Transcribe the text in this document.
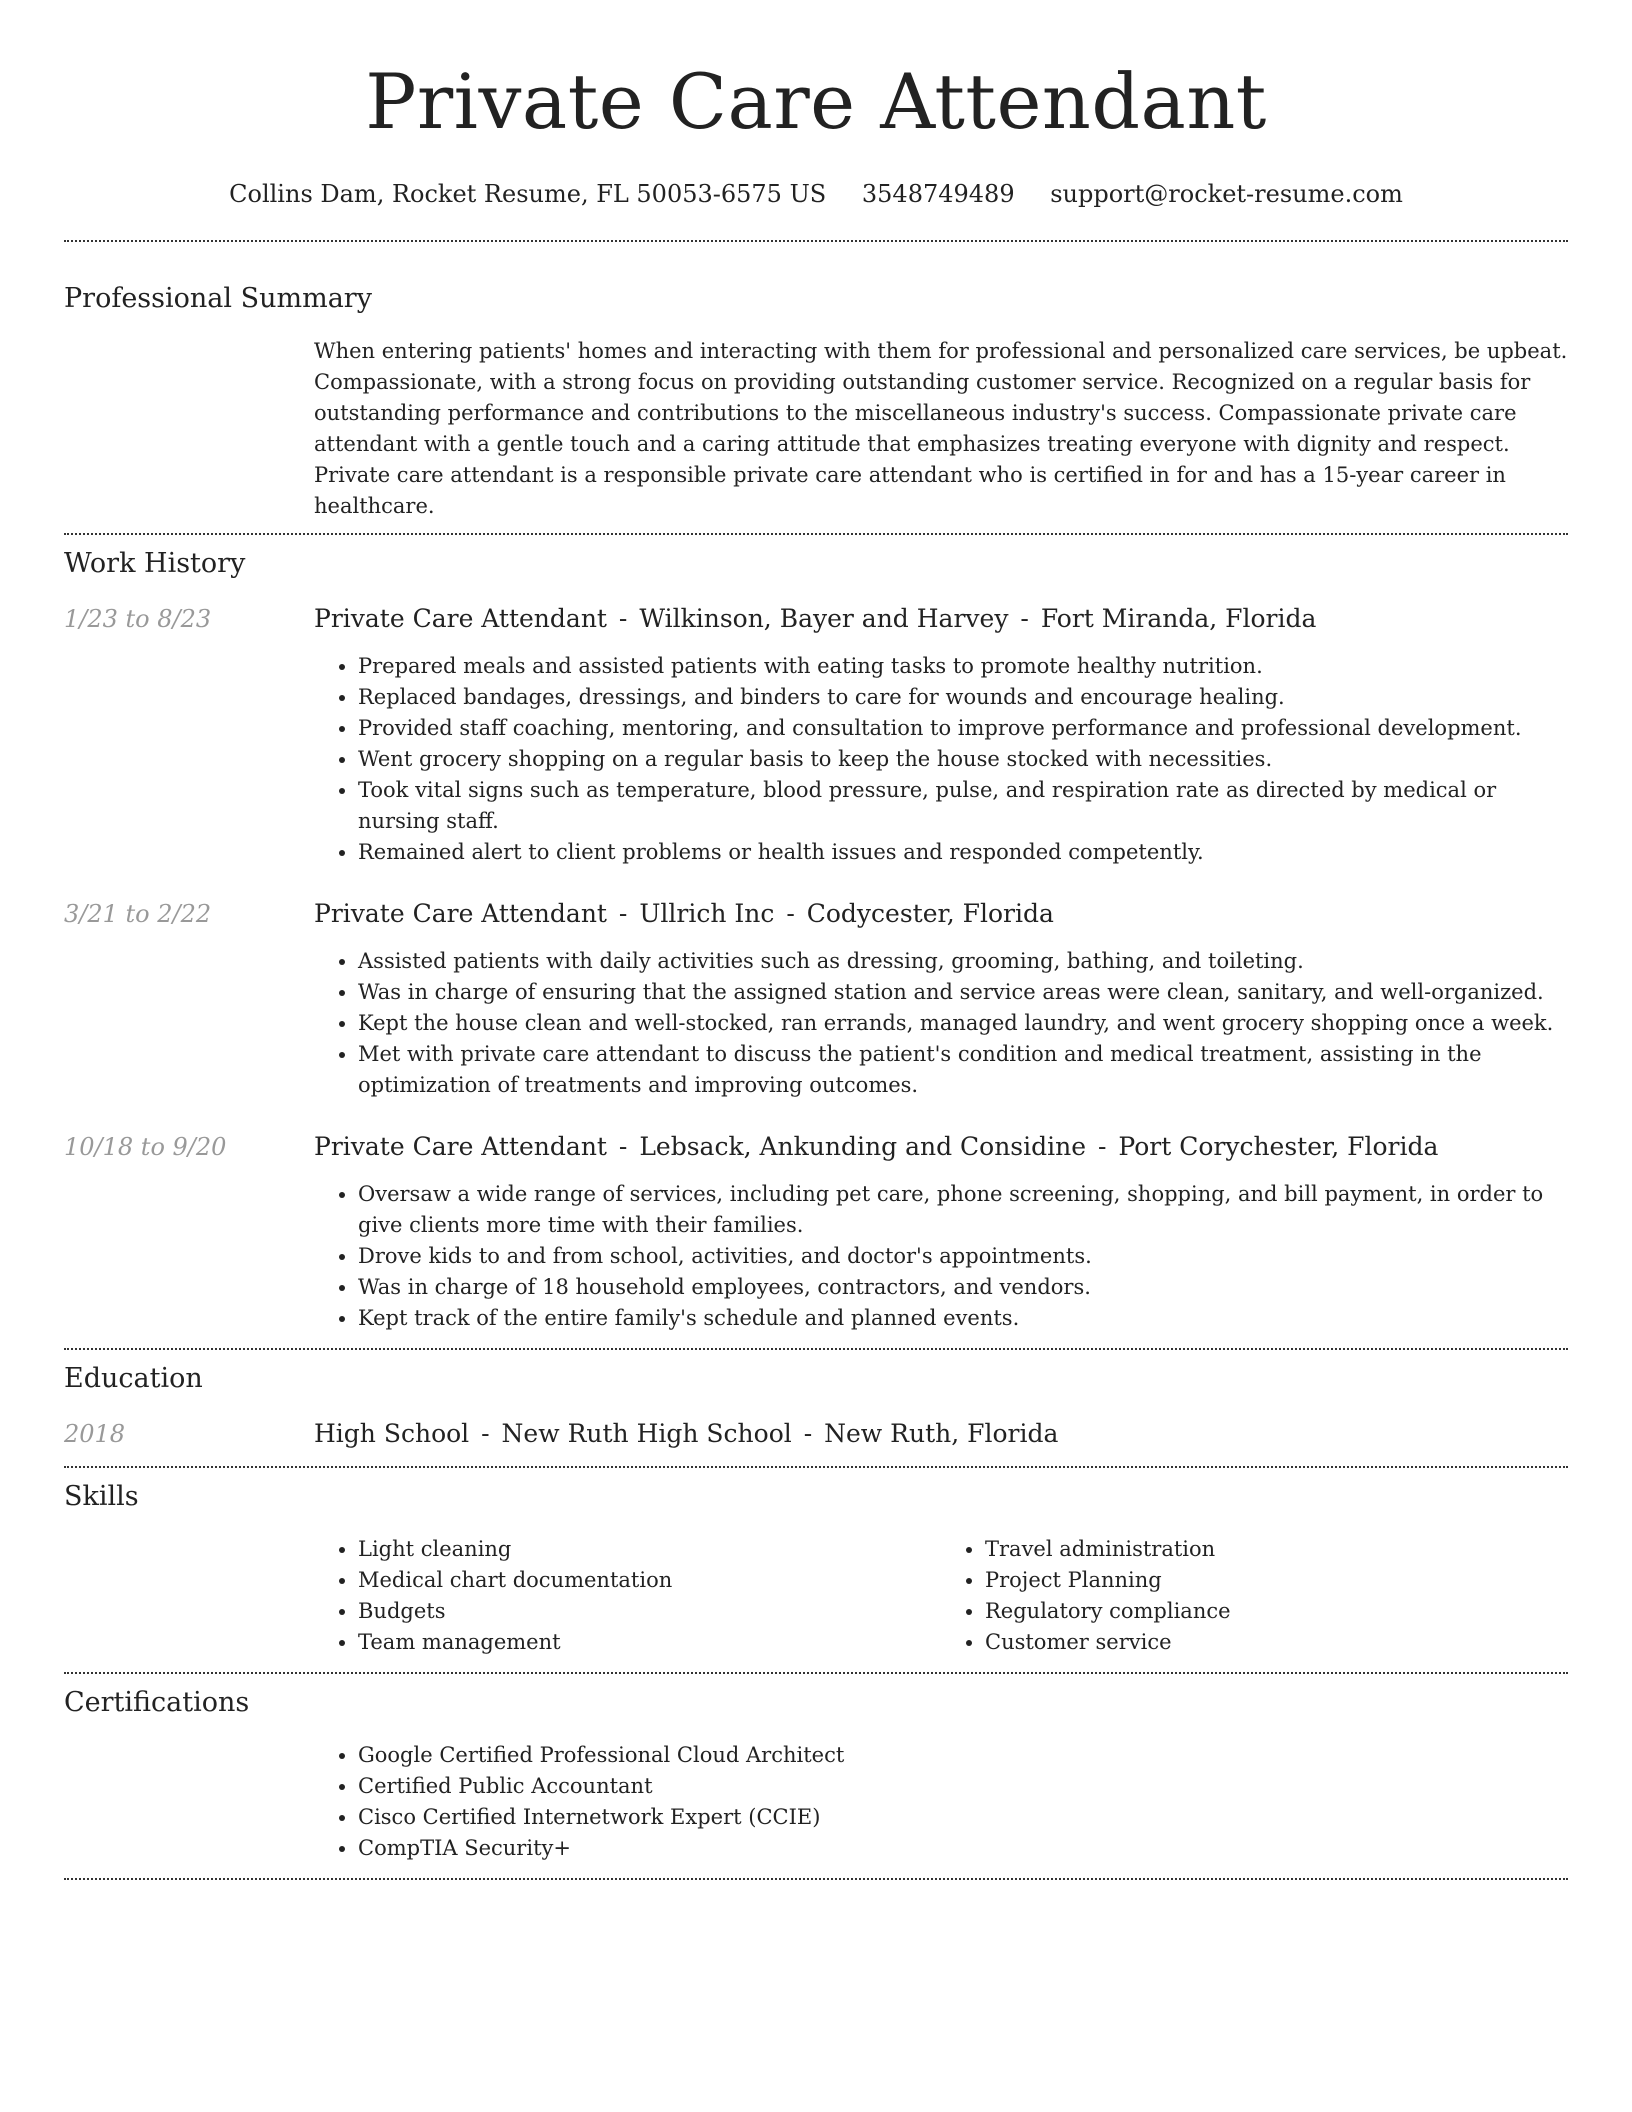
Private Care Attendant
Collins Dam, Rocket Resume, FL 50053-6575 US 3548749489 support@rocket-resume.com
Professional Summary
When entering patients' homes and interacting with them for professional and personalized care services, be upbeat. Compassionate, with a strong focus on providing outstanding customer service. Recognized on a regular basis for outstanding performance and contributions to the miscellaneous industry's success. Compassionate private care attendant with a gentle touch and a caring attitude that emphasizes treating everyone with dignity and respect. Private care attendant is a responsible private care attendant who is certified in for and has a 15-year career in healthcare.
Work History
1/23 to 8/23	Private Care Attendant - Wilkinson, Bayer and Harvey - Fort Miranda, Florida
• Prepared meals and assisted patients with eating tasks to promote healthy nutrition.
• Replaced bandages, dressings, and binders to care for wounds and encourage healing.
• Provided staff coaching, mentoring, and consultation to improve performance and professional development.
• Went grocery shopping on a regular basis to keep the house stocked with necessities.
• Took vital signs such as temperature, blood pressure, pulse, and respiration rate as directed by medical or nursing staff.
• Remained alert to client problems or health issues and responded competently.
3/21 to 2/22	Private Care Attendant - Ullrich Inc - Codycester, Florida
• Assisted patients with daily activities such as dressing, grooming, bathing, and toileting.
• Was in charge of ensuring that the assigned station and service areas were clean, sanitary, and well-organized.
• Kept the house clean and well-stocked, ran errands, managed laundry, and went grocery shopping once a week.
• Met with private care attendant to discuss the patient's condition and medical treatment, assisting in the optimization of treatments and improving outcomes.
10/18 to 9/20	Private Care Attendant - Lebsack, Ankunding and Considine - Port Corychester, Florida
• Oversaw a wide range of services, including pet care, phone screening, shopping, and bill payment, in order to give clients more time with their families.
• Drove kids to and from school, activities, and doctor's appointments.
• Was in charge of 18 household employees, contractors, and vendors.
• Kept track of the entire family's schedule and planned events.
Education
2018	High School - New Ruth High School - New Ruth, Florida
Skills
• Light cleaning
• Medical chart documentation
• Budgets
• Team management
• Travel administration
• Project Planning
• Regulatory compliance
• Customer service
Certifications
• Google Certified Professional Cloud Architect
• Certified Public Accountant
• Cisco Certified Internetwork Expert (CCIE)
• CompTIA Security+
